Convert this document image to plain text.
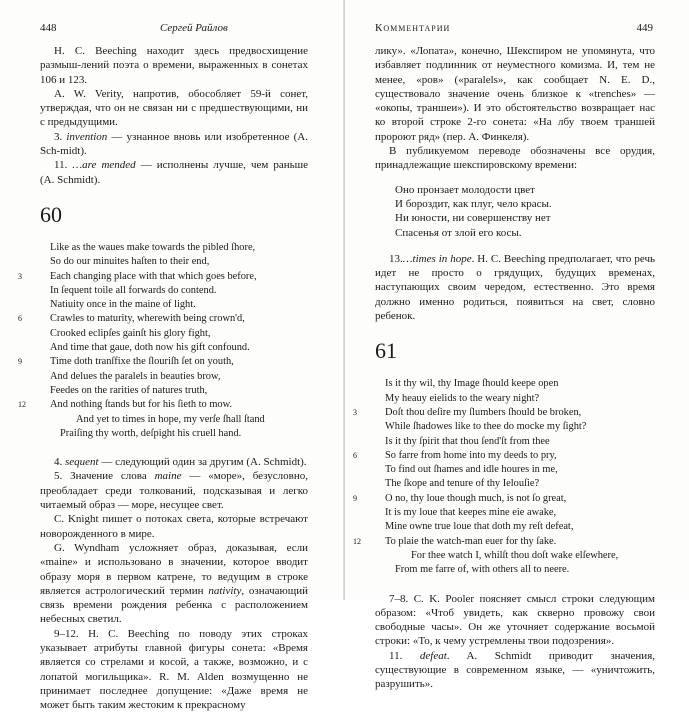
448	Сергей Райлов

H. C. Beeching находит здесь предвосхищение размыш-лений поэта о времени, выраженных в сонетах 106 и 123.

A. W. Verity, напротив, обособляет 59-й сонет, утверждая, что он не связан ни с предшествующими, ни с предыдущими.

3. invention — узнанное вновь или изобретенное (A. Sch-midt).

11. …are mended — исполнены лучше, чем раньше (A. Schmidt).

60
Like as the waues make towards the pibled ſhore,
So do our minuites haſten to their end,
3	Each changing place with that which goes before,
In ſequent toile all forwards do contend.
Natiuity once in the maine of light.
6	Crawles to maturity, wherewith being crown'd,
Crooked eclipſes gainſt his glory fight,
And time that gaue, doth now his gift confound.
9	Time doth tranſfixe the ſlouriſh ſet on youth,
And delues the paralels in beauties brow,
Feedes on the rarities of natures truth,
12 And nothing ſtands but for his ſieth to mow.
And yet to times in hope, my verſe ſhall ſtand
Praiſing thy worth, deſpight his cruell hand.

4. sequent — следующий один за другим (A. Schmidt).

5. Значение слова maine — «море», безусловно, преобладает среди толкований, подсказывая и легко читаемый образ — море, несущее свет.

C. Knight пишет о потоках света, которые встречают новорожденного в мире.

G. Wyndham усложняет образ, доказывая, если «maine» и использовано в значении, которое вводит образу моря в первом катрене, то ведущим в строке является астрологический термин nativity, означающий связь времени рождения ребенка с расположением небесных светил.

9–12. H. C. Beeching по поводу этих строках указывает атрибуты главной фигуры сонета: «Время является со стрелами и косой, а также, возможно, и с лопатой могильщика». R. M. Alden возмущенно не принимает последнее допущение: «Даже время не может быть таким жестоким к прекрасному

Комментарии	449

лику». «Лопата», конечно, Шекспиром не упомянута, что избавляет подлинник от неуместного комизма. И, тем не менее, «ров» («paralels», как сообщает N. E. D., существовало значение очень близкое к «trenches» — «окопы, траншеи»). И это обстоятельство возвращает нас ко второй строке 2-го сонета: «На лбу твоем траншей пророют ряд» (пер. А. Финкеля).

В публикуемом переводе обозначены все орудия, принадлежащие шекспировскому времени:

Оно пронзает молодости цвет
И бороздит, как плуг, чело красы.
Ни юности, ни совершенству нет
Спасенья от злой его косы.

13.…times in hope. H. C. Beeching предполагает, что речь идет не просто о грядущих, будущих временах, наступающих своим чередом, естественно. Это время должно именно родиться, появиться на свет, словно ребенок.

61
Is it thy wil, thy Image ſhould keepe open
My heauy eielids to the weary night?
3	Doſt thou deſire my ſlumbers ſhould be broken,
While ſhadowes like to thee do mocke my ſight?
Is it thy ſpirit that thou ſend'ſt from thee
6	So farre from home into my deeds to pry,
To find out ſhames and idle houres in me,
The ſkope and tenure of thy Ielouſie?
9	O no, thy loue though much, is not ſo great,
It is my loue that keepes mine eie awake,
Mine owne true loue that doth my reſt defeat,
12 To plaie the watch-man euer for thy ſake.
For thee watch I, whilſt thou doſt wake elſewhere,
From me farre of, with others all to neere.

7–8. C. K. Pooler поясняет смысл строки следующим образом: «Чтоб увидеть, как скверно провожу свои свободные часы». Он же уточняет содержание восьмой строки: «То, к чему устремлены твои подозрения».

11. defeat. A. Schmidt приводит значения, существующие в современном языке, — «уничтожить, разрушить».
